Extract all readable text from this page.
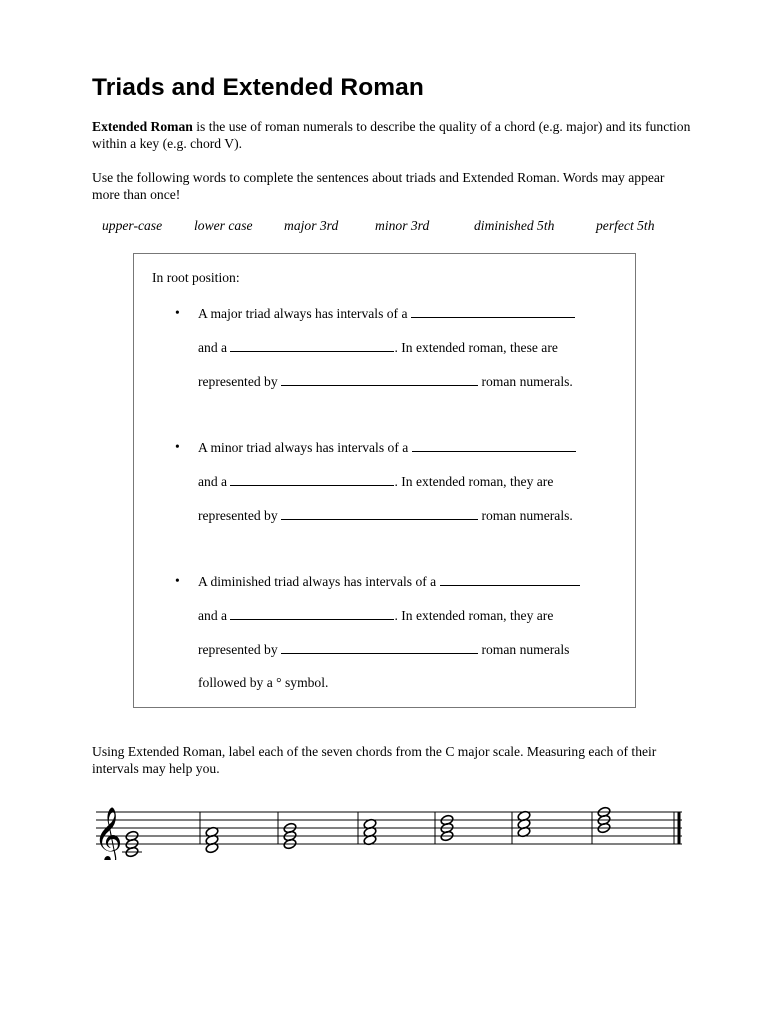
Triads and Extended Roman
Extended Roman is the use of roman numerals to describe the quality of a chord (e.g. major) and its function within a key (e.g. chord V).
Use the following words to complete the sentences about triads and Extended Roman. Words may appear more than once!
upper-case lower case major 3rd	minor 3rd	diminished 5th	perfect 5th
In root position:
• A major triad always has intervals of a
and a	. In extended roman, these are
represented by	roman numerals.
• A minor triad always has intervals of a
and a	. In extended roman, they are
represented by	roman numerals.
• A diminished triad always has intervals of a
and a	. In extended roman, they are
represented by	roman numerals
followed by a ° symbol.
Using Extended Roman, label each of the seven chords from the C major scale. Measuring each of their intervals may help you.
𝄞
